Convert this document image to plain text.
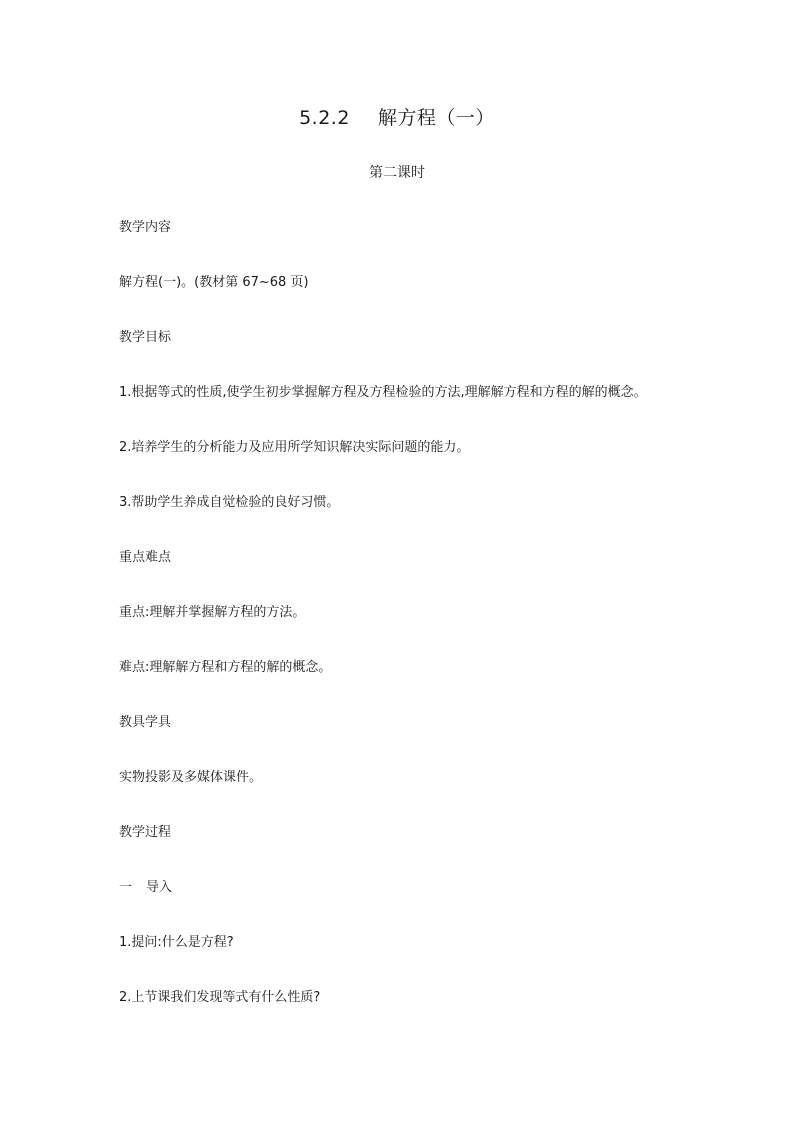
5.2.2 解方程（一）
第二课时
教学内容
解方程(一)。(教材第 67~68 页)
教学目标
1.根据等式的性质,使学生初步掌握解方程及方程检验的方法,理解解方程和方程的解的概念。
2.培养学生的分析能力及应用所学知识解决实际问题的能力。
3.帮助学生养成自觉检验的良好习惯。
重点难点
重点:理解并掌握解方程的方法。
难点:理解解方程和方程的解的概念。
教具学具
实物投影及多媒体课件。
教学过程
一 导入
1.提问:什么是方程?
2.上节课我们发现等式有什么性质?
